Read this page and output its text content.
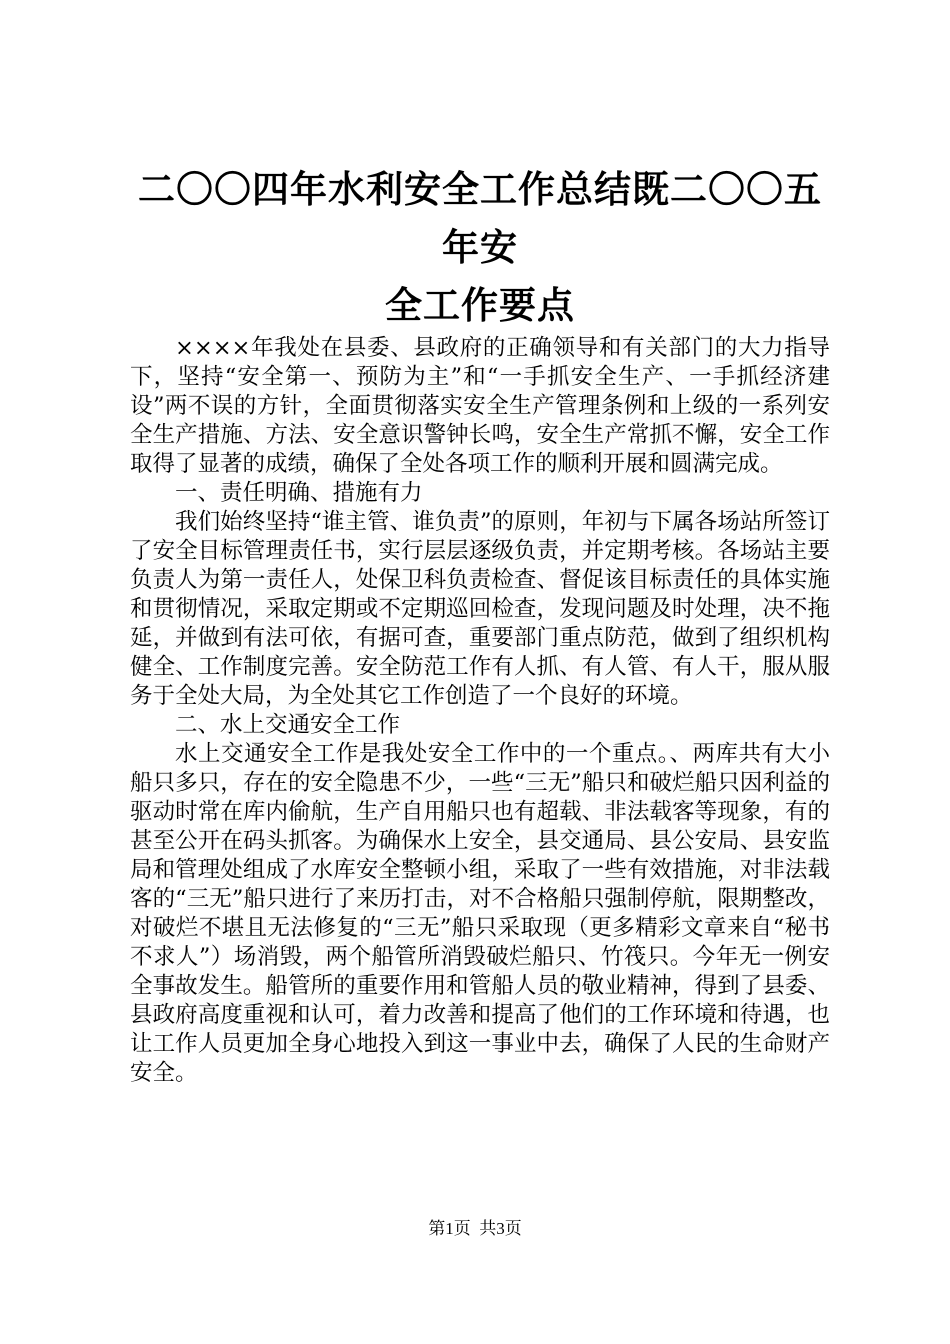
二〇〇四年水利安全工作总结既二〇〇五年安
全工作要点

××××年我处在县委、县政府的正确领导和有关部门的大力指导下，坚持“安全第一、预防为主”和“一手抓安全生产、一手抓经济建设”两不误的方针，全面贯彻落实安全生产管理条例和上级的一系列安全生产措施、方法、安全意识警钟长鸣，安全生产常抓不懈，安全工作取得了显著的成绩，确保了全处各项工作的顺利开展和圆满完成。

一、责任明确、措施有力

我们始终坚持“谁主管、谁负责”的原则，年初与下属各场站所签订了安全目标管理责任书，实行层层逐级负责，并定期考核。各场站主要负责人为第一责任人，处保卫科负责检查、督促该目标责任的具体实施和贯彻情况，采取定期或不定期巡回检查，发现问题及时处理，决不拖延，并做到有法可依，有据可查，重要部门重点防范，做到了组织机构健全、工作制度完善。安全防范工作有人抓、有人管、有人干，服从服务于全处大局，为全处其它工作创造了一个良好的环境。

二、水上交通安全工作

水上交通安全工作是我处安全工作中的一个重点。、两库共有大小船只多只，存在的安全隐患不少，一些“三无”船只和破烂船只因利益的驱动时常在库内偷航，生产自用船只也有超载、非法载客等现象，有的甚至公开在码头抓客。为确保水上安全，县交通局、县公安局、县安监局和管理处组成了水库安全整顿小组，采取了一些有效措施，对非法载客的“三无”船只进行了来历打击，对不合格船只强制停航，限期整改，对破烂不堪且无法修复的“三无”船只采取现（更多精彩文章来自“秘书不求人”）场消毁，两个船管所消毁破烂船只、竹筏只。今年无一例安全事故发生。船管所的重要作用和管船人员的敬业精神，得到了县委、县政府高度重视和认可，着力改善和提高了他们的工作环境和待遇，也让工作人员更加全身心地投入到这一事业中去，确保了人民的生命财产安全。

第1页  共3页
